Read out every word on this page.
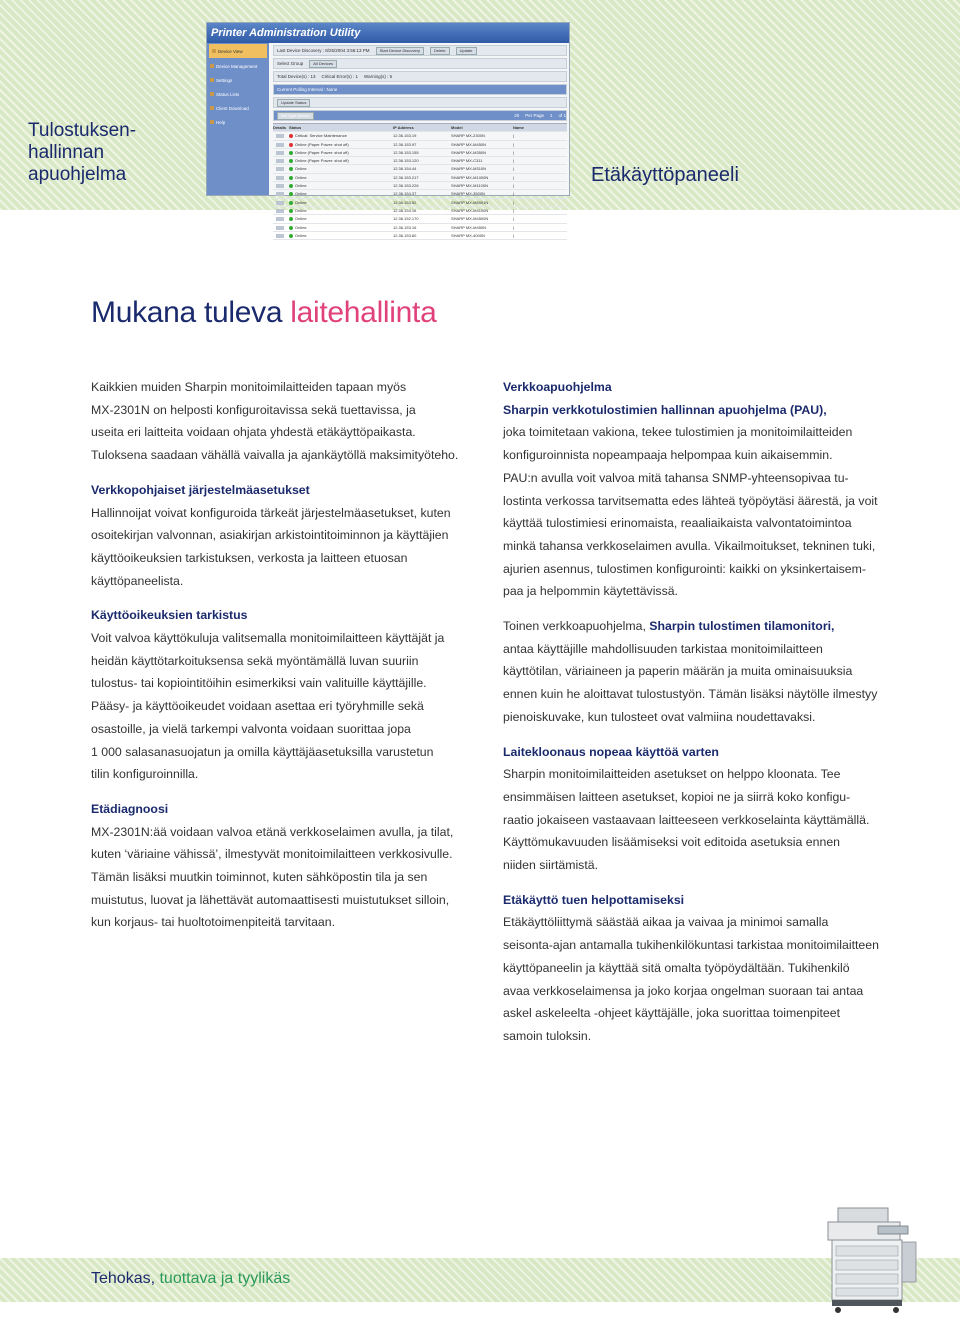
Tulostuksen-
hallinnan
apuohjelma	Etäkäyttöpaneeli
Printer Administration Utility
Device View
Device Management
Settings
Status Lists
Client Download
Help
Last Device Discovery : 8/25/2004 3:56:13 PM	Start Device Discovery	Delete	Update
Select Group	All Devices
Total Device(s) : 13 Critical Error(s) : 1 Warning(s) : 5
Current Polling Interval : None
Update Status
Set Spot Device	20 Per Page 1 of 1
Details Status	IP Address	Model	Name
Critical: Service Maintenance	12.36.153.19	SHARP MX-2300N	|
Online (Paper Power: shut off)	12.36.153.97	SHARP MX-M450N	|
Online (Paper Power: shut off)	12.36.153.155	SHARP MX-M350N	|
Online (Paper Power: shut off)	12.36.153.120	SHARP MX-C311	|
Online	12.36.154.44	SHARP MX-M310N	|
Online	12.36.153.217	SHARP MX-M1000N	|
Online	12.36.153.226	SHARP MX-M1100N	|
Online	12.36.154.37	SHARP MX-3500N	|
Online	12.36.153.52	SHARP MX-M5001N	|
Online	12.36.154.16	SHARP MX-M4100N	|
Online	12.36.152.170	SHARP MX-M4500N	|
Online	12.36.153.16	SHARP MX-M450N	|
Online	12.36.153.60	SHARP MX-4000N	|
Mukana tuleva laitehallinta

Kaikkien muiden Sharpin monitoimilaitteiden tapaan myös

MX-2301N on helposti konfiguroitavissa sekä tuettavissa, ja

useita eri laitteita voidaan ohjata yhdestä etäkäyttöpaikasta.

Tuloksena saadaan vähällä vaivalla ja ajankäytöllä maksimityöteho.

Verkkopohjaiset järjestelmäasetukset

Hallinnoijat voivat konfiguroida tärkeät järjestelmäasetukset, kuten

osoitekirjan valvonnan, asiakirjan arkistointitoiminnon ja käyttäjien

käyttöoikeuksien tarkistuksen, verkosta ja laitteen etuosan

käyttöpaneelista.

Käyttöoikeuksien tarkistus

Voit valvoa käyttökuluja valitsemalla monitoimilaitteen käyttäjät ja

heidän käyttötarkoituksensa sekä myöntämällä luvan suuriin

tulostus- tai kopiointitöihin esimerkiksi vain valituille käyttäjille.

Pääsy- ja käyttöoikeudet voidaan asettaa eri työryhmille sekä

osastoille, ja vielä tarkempi valvonta voidaan suorittaa jopa

1 000 salasanasuojatun ja omilla käyttäjäasetuksilla varustetun

tilin konfiguroinnilla.

Etädiagnoosi

MX-2301N:ää voidaan valvoa etänä verkkoselaimen avulla, ja tilat,

kuten ‘väriaine vähissä’, ilmestyvät monitoimilaitteen verkkosivulle.

Tämän lisäksi muutkin toiminnot, kuten sähköpostin tila ja sen

muistutus, luovat ja lähettävät automaattisesti muistutukset silloin,

kun korjaus- tai huoltotoimenpiteitä tarvitaan.

Verkkoapuohjelma

Sharpin verkkotulostimien hallinnan apuohjelma (PAU),

joka toimitetaan vakiona, tekee tulostimien ja monitoimilaitteiden

konfiguroinnista nopeampaaja helpompaa kuin aikaisemmin.

PAU:n avulla voit valvoa mitä tahansa SNMP-yhteensopivaa tu-

lostinta verkossa tarvitsematta edes lähteä työpöytäsi äärestä, ja voit

käyttää tulostimiesi erinomaista, reaaliaikaista valvontatoimintoa

minkä tahansa verkkoselaimen avulla. Vikailmoitukset, tekninen tuki,

ajurien asennus, tulostimen konfigurointi: kaikki on yksinkertaisem-

paa ja helpommin käytettävissä.

Toinen verkkoapuohjelma, Sharpin tulostimen tilamonitori,

antaa käyttäjille mahdollisuuden tarkistaa monitoimilaitteen

käyttötilan, väriaineen ja paperin määrän ja muita ominaisuuksia

ennen kuin he aloittavat tulostustyön. Tämän lisäksi näytölle ilmestyy

pienoiskuvake, kun tulosteet ovat valmiina noudettavaksi.

Laitekloonaus nopeaa käyttöä varten

Sharpin monitoimilaitteiden asetukset on helppo kloonata. Tee

ensimmäisen laitteen asetukset, kopioi ne ja siirrä koko konfigu-

raatio jokaiseen vastaavaan laitteeseen verkkoselainta käyttämällä.

Käyttömukavuuden lisäämiseksi voit editoida asetuksia ennen

niiden siirtämistä.

Etäkäyttö tuen helpottamiseksi

Etäkäyttöliittymä säästää aikaa ja vaivaa ja minimoi samalla

seisonta-ajan antamalla tukihenkilökuntasi tarkistaa monitoimilaitteen

käyttöpaneelin ja käyttää sitä omalta työpöydältään. Tukihenkilö

avaa verkkoselaimensa ja joko korjaa ongelman suoraan tai antaa

askel askeleelta -ohjeet käyttäjälle, joka suorittaa toimenpiteet

samoin tuloksin.

Tehokas, tuottava ja tyylikäs
